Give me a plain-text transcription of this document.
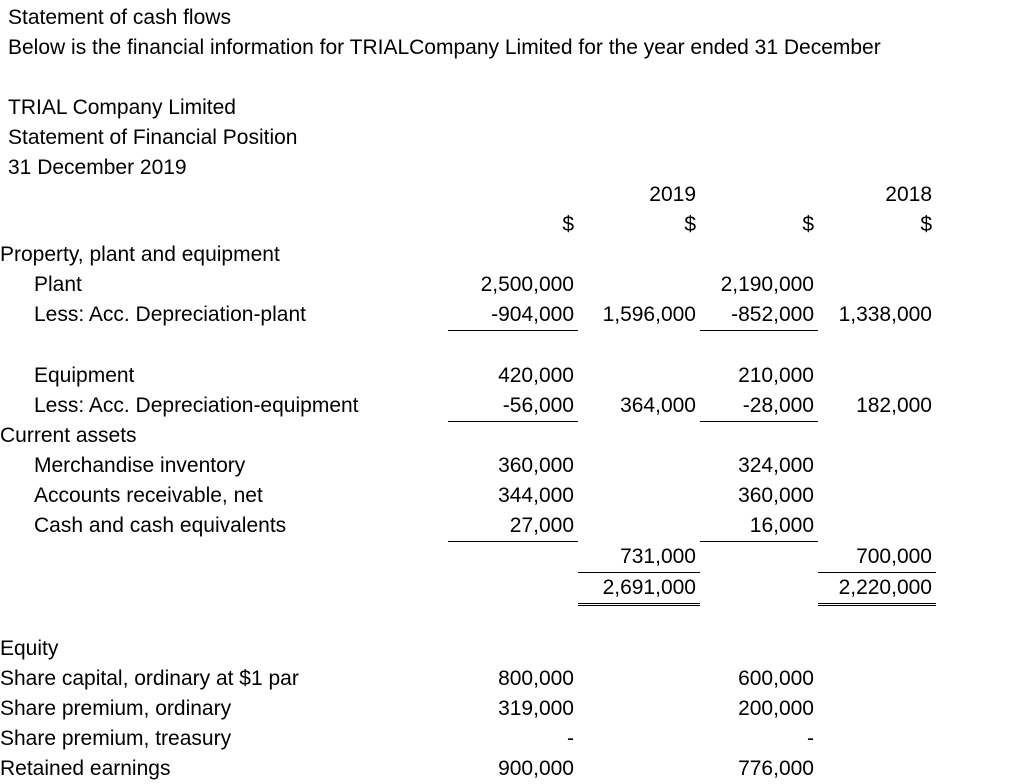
Statement of cash flows
Below is the financial information for TRIALCompany Limited for the year ended 31 December
TRIAL Company Limited
Statement of Financial Position
31 December 2019
		2019		2018
	$	$	$	$
Property, plant and equipment				
Plant	2,500,000		2,190,000	
Less: Acc. Depreciation-plant	-904,000	1,596,000	-852,000	1,338,000

Equipment	420,000		210,000	
Less: Acc. Depreciation-equipment	-56,000	364,000	-28,000	182,000
Current assets				
Merchandise inventory	360,000		324,000	
Accounts receivable, net	344,000		360,000	
Cash and cash equivalents	27,000		16,000	
		731,000		700,000
		2,691,000		2,220,000

Equity				
Share capital, ordinary at $1 par	800,000		600,000	
Share premium, ordinary	319,000		200,000	
Share premium, treasury	-		-	
Retained earnings	900,000		776,000	
